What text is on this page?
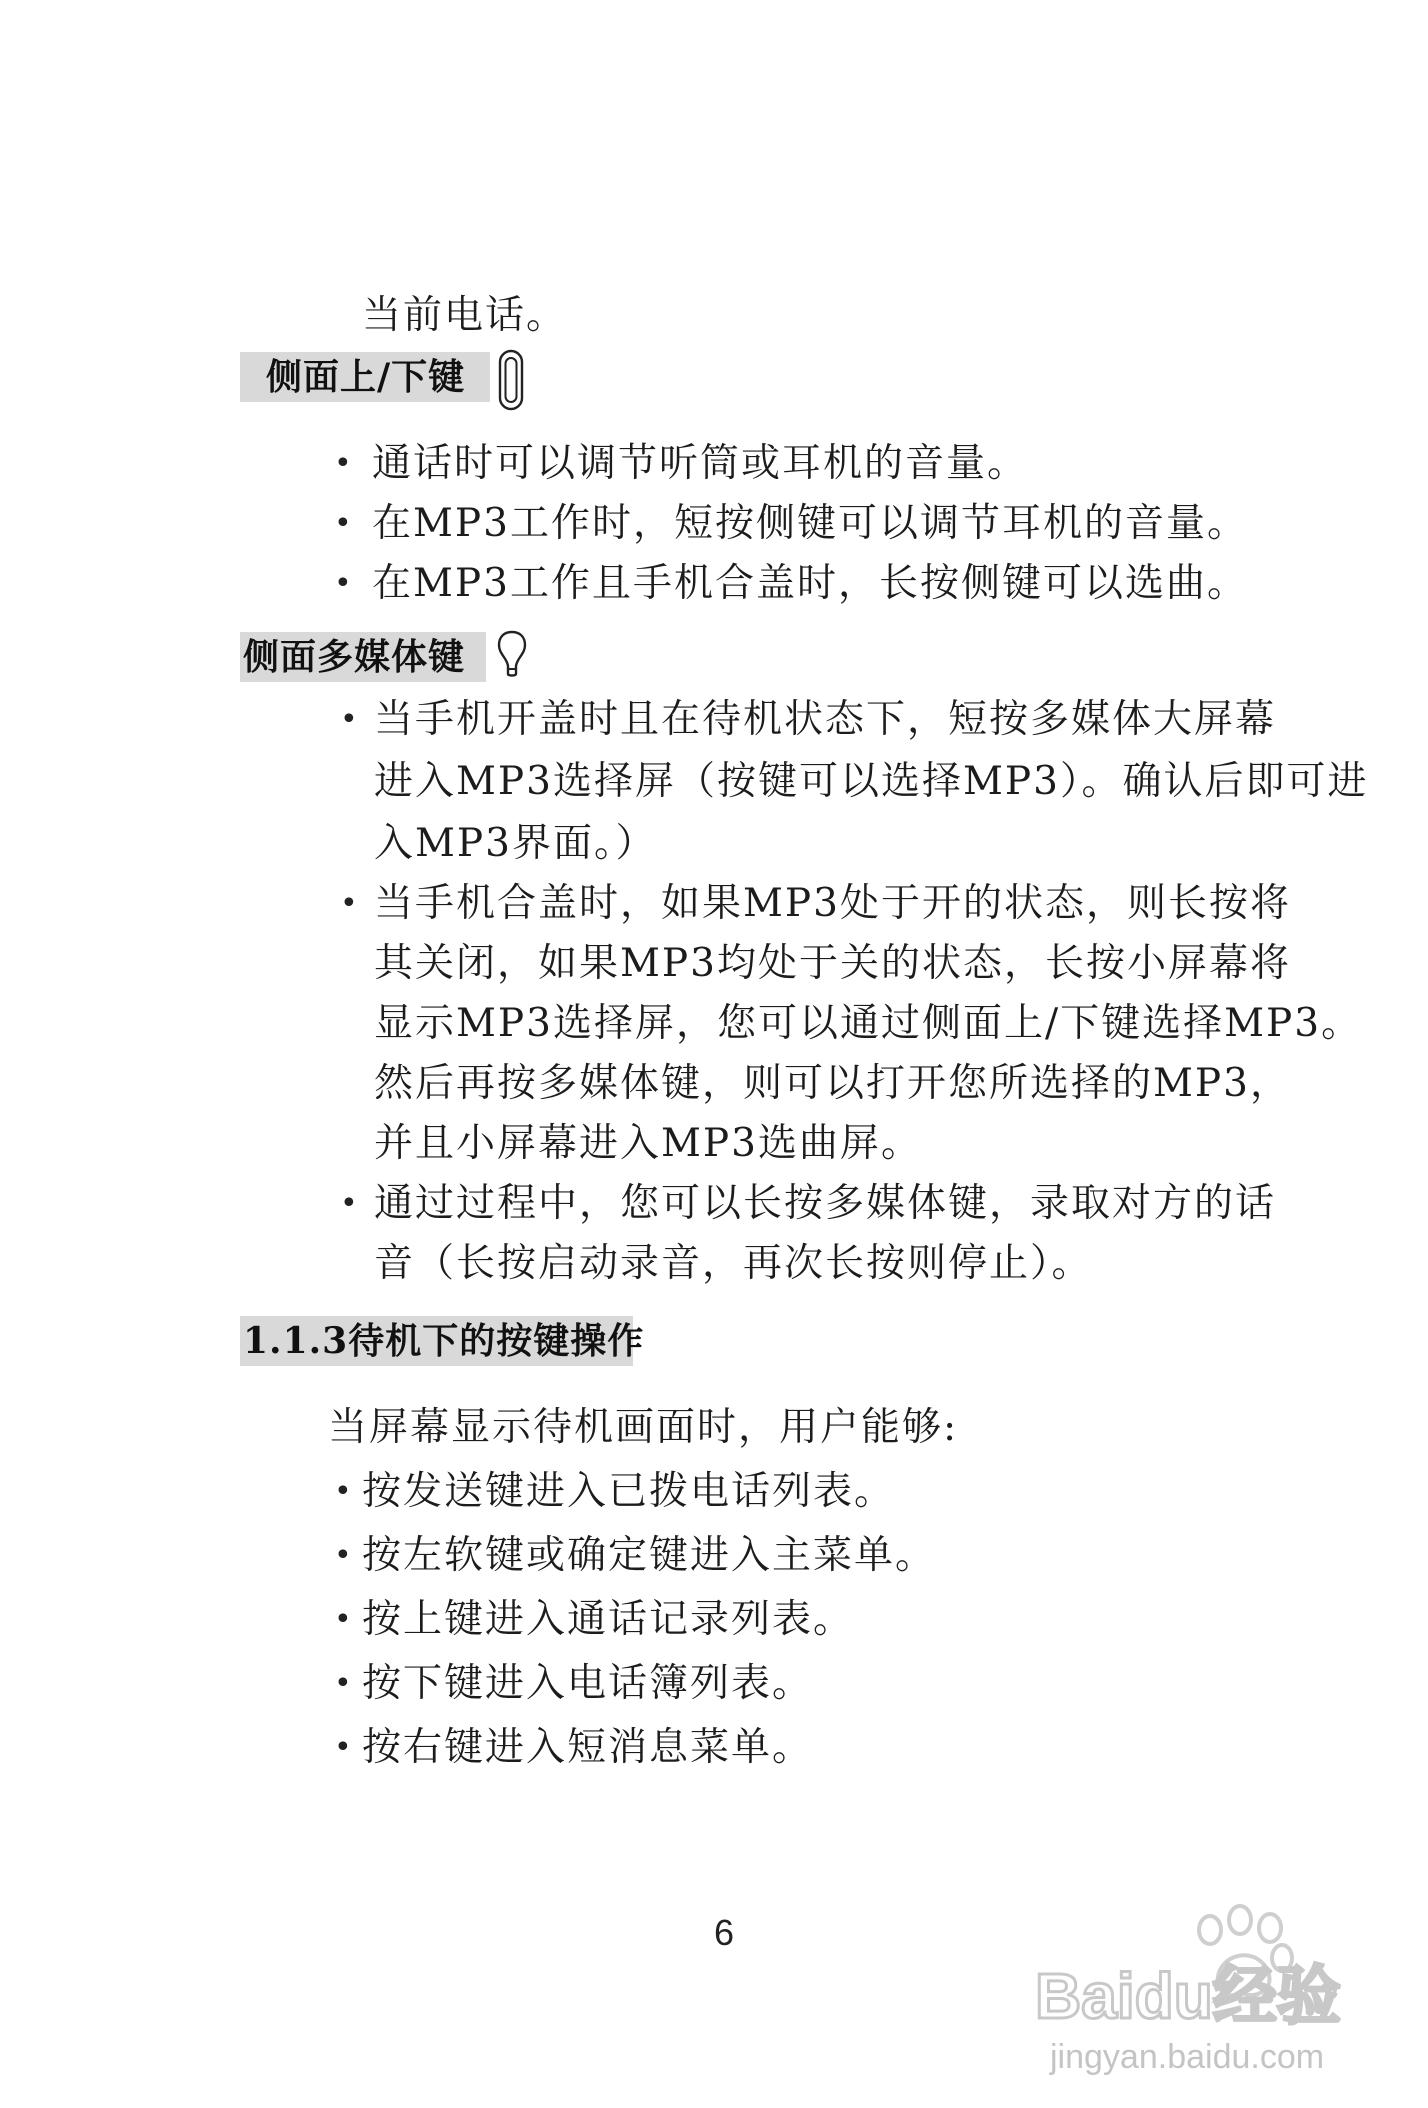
当前电话。
侧面上/下键
• 通话时可以调节听筒或耳机的音量。
• 在MP3工作时，短按侧键可以调节耳机的音量。
• 在MP3工作且手机合盖时，长按侧键可以选曲。
侧面多媒体键
• 当手机开盖时且在待机状态下，短按多媒体大屏幕
进入MP3选择屏（按键可以选择MP3）。确认后即可进
入MP3界面。）
• 当手机合盖时，如果MP3处于开的状态，则长按将
其关闭，如果MP3均处于关的状态，长按小屏幕将
显示MP3选择屏，您可以通过侧面上/下键选择MP3。
然后再按多媒体键，则可以打开您所选择的MP3，
并且小屏幕进入MP3选曲屏。
• 通过过程中，您可以长按多媒体键，录取对方的话
音（长按启动录音，再次长按则停止）。
1.1.3待机下的按键操作
当屏幕显示待机画面时，用户能够:
• 按发送键进入已拨电话列表。
• 按左软键或确定键进入主菜单。
• 按上键进入通话记录列表。
• 按下键进入电话簿列表。
• 按右键进入短消息菜单。
6
Baidu经验
jingyan.baidu.com
